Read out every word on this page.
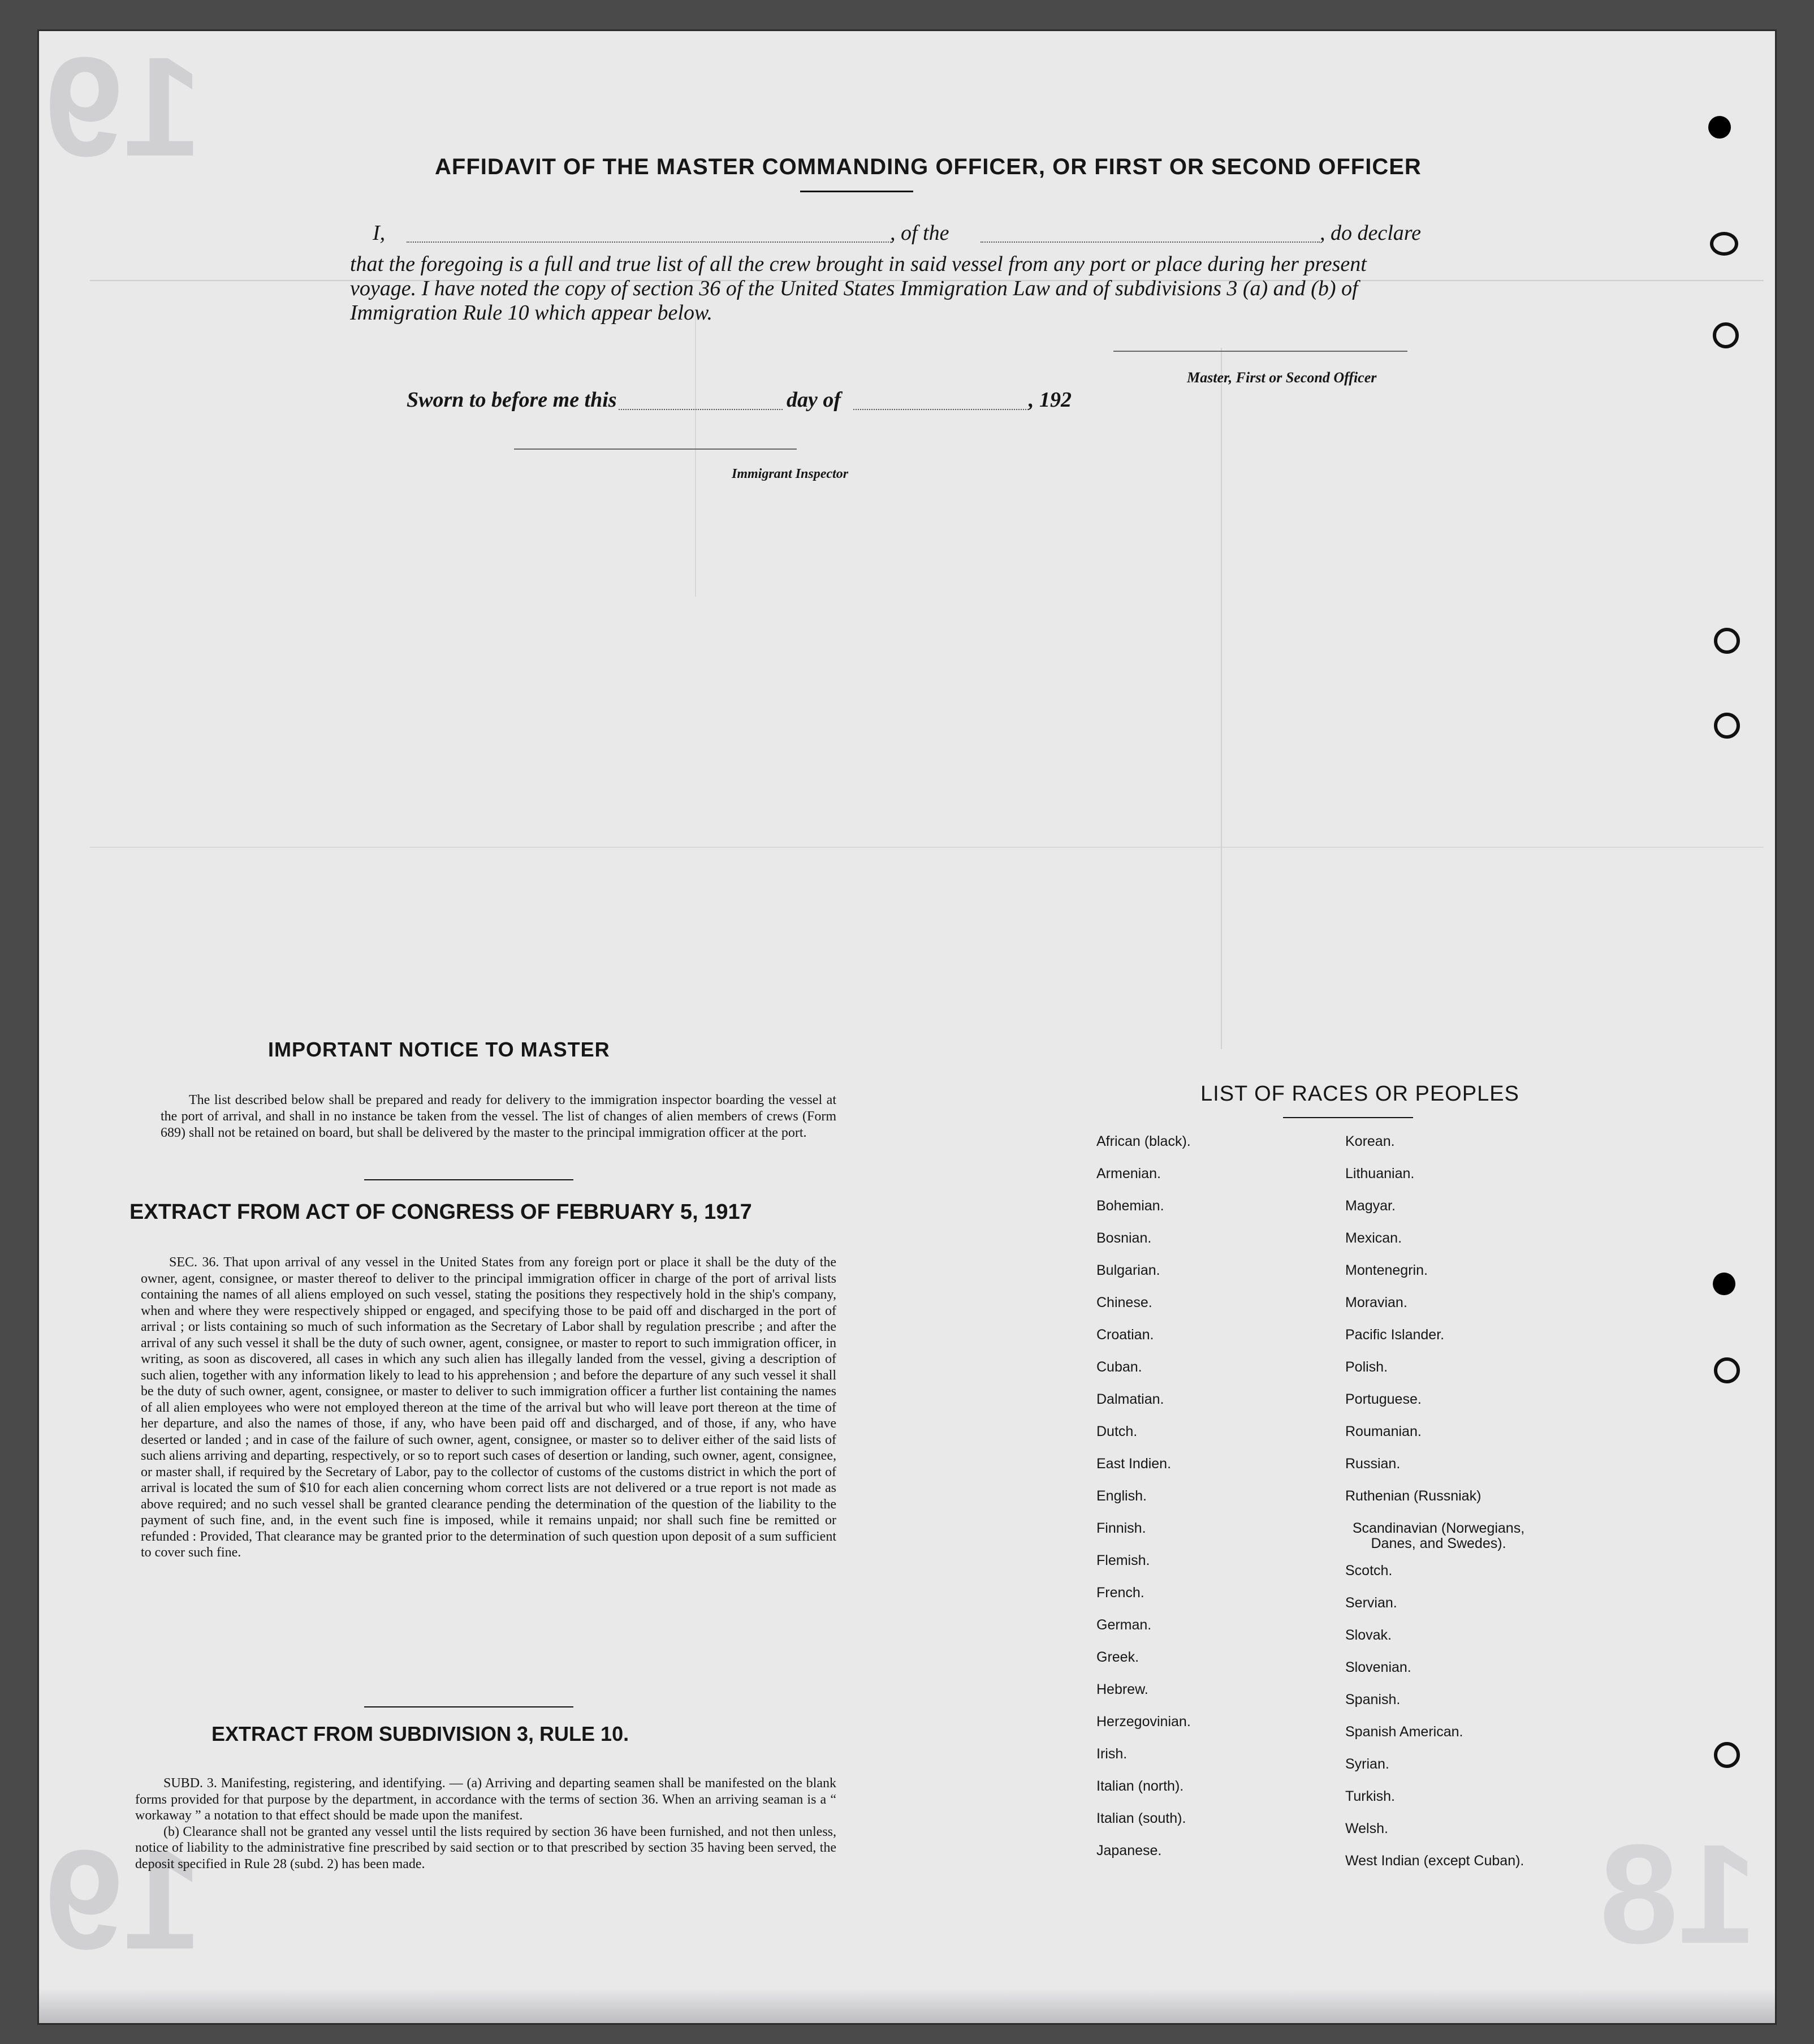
19
19	18
AFFIDAVIT OF THE MASTER COMMANDING OFFICER, OR FIRST OR SECOND OFFICER
I,	, of the	, do declare
that the foregoing is a full and true list of all the crew brought in said vessel from any port or place during her present
voyage. I have noted the copy of section 36 of the United States Immigration Law and of subdivisions 3 (a) and (b) of
Immigration Rule 10 which appear below.
Master, First or Second Officer
Sworn to before me this	day of	, 192
Immigrant Inspector
IMPORTANT NOTICE TO MASTER

The list described below shall be prepared and ready for delivery to the immigration inspector boarding the vessel at the port of arrival, and shall in no instance be taken from the vessel. The list of changes of alien members of crews (Form 689) shall not be retained on board, but shall be delivered by the master to the principal immigration officer at the port.

EXTRACT FROM ACT OF CONGRESS OF FEBRUARY 5, 1917

SEC. 36. That upon arrival of any vessel in the United States from any foreign port or place it shall be the duty of the owner, agent, consignee, or master thereof to deliver to the principal immigration officer in charge of the port of arrival lists containing the names of all aliens employed on such vessel, stating the positions they respectively hold in the ship's company, when and where they were respectively shipped or engaged, and specifying those to be paid off and discharged in the port of arrival ; or lists containing so much of such information as the Secretary of Labor shall by regulation prescribe ; and after the arrival of any such vessel it shall be the duty of such owner, agent, consignee, or master to report to such immigration officer, in writing, as soon as discovered, all cases in which any such alien has illegally landed from the vessel, giving a description of such alien, together with any information likely to lead to his apprehension ; and before the departure of any such vessel it shall be the duty of such owner, agent, consignee, or master to deliver to such immigration officer a further list containing the names of all alien employees who were not employed thereon at the time of the arrival but who will leave port thereon at the time of her departure, and also the names of those, if any, who have been paid off and discharged, and of those, if any, who have deserted or landed ; and in case of the failure of such owner, agent, consignee, or master so to deliver either of the said lists of such aliens arriving and departing, respectively, or so to report such cases of desertion or landing, such owner, agent, consignee, or master shall, if required by the Secretary of Labor, pay to the collector of customs of the customs district in which the port of arrival is located the sum of $10 for each alien concerning whom correct lists are not delivered or a true report is not made as above required; and no such vessel shall be granted clearance pending the determination of the question of the liability to the payment of such fine, and, in the event such fine is imposed, while it remains unpaid; nor shall such fine be remitted or refunded : Provided, That clearance may be granted prior to the determination of such question upon deposit of a sum sufficient to cover such fine.

EXTRACT FROM SUBDIVISION 3, RULE 10.

SUBD. 3. Manifesting, registering, and identifying. — (a) Arriving and departing seamen shall be manifested on the blank forms provided for that purpose by the department, in accordance with the terms of section 36. When an arriving seaman is a “ workaway ” a notation to that effect should be made upon the manifest.

(b) Clearance shall not be granted any vessel until the lists required by section 36 have been furnished, and not then unless, notice of liability to the administrative fine prescribed by said section or to that prescribed by section 35 having been served, the deposit specified in Rule 28 (subd. 2) has been made.

LIST OF RACES OR PEOPLES
African (black).
Armenian.
Bohemian.
Bosnian.
Bulgarian.
Chinese.
Croatian.
Cuban.
Dalmatian.
Dutch.
East Indien.
English.
Finnish.
Flemish.
French.
German.
Greek.
Hebrew.
Herzegovinian.
Irish.
Italian (north).
Italian (south).
Japanese.
Korean.
Lithuanian.
Magyar.
Mexican.
Montenegrin.
Moravian.
Pacific Islander.
Polish.
Portuguese.
Roumanian.
Russian.
Ruthenian (Russniak)
Scandinavian (Norwegians, Danes, and Swedes).
Scotch.
Servian.
Slovak.
Slovenian.
Spanish.
Spanish American.
Syrian.
Turkish.
Welsh.
West Indian (except Cuban).
